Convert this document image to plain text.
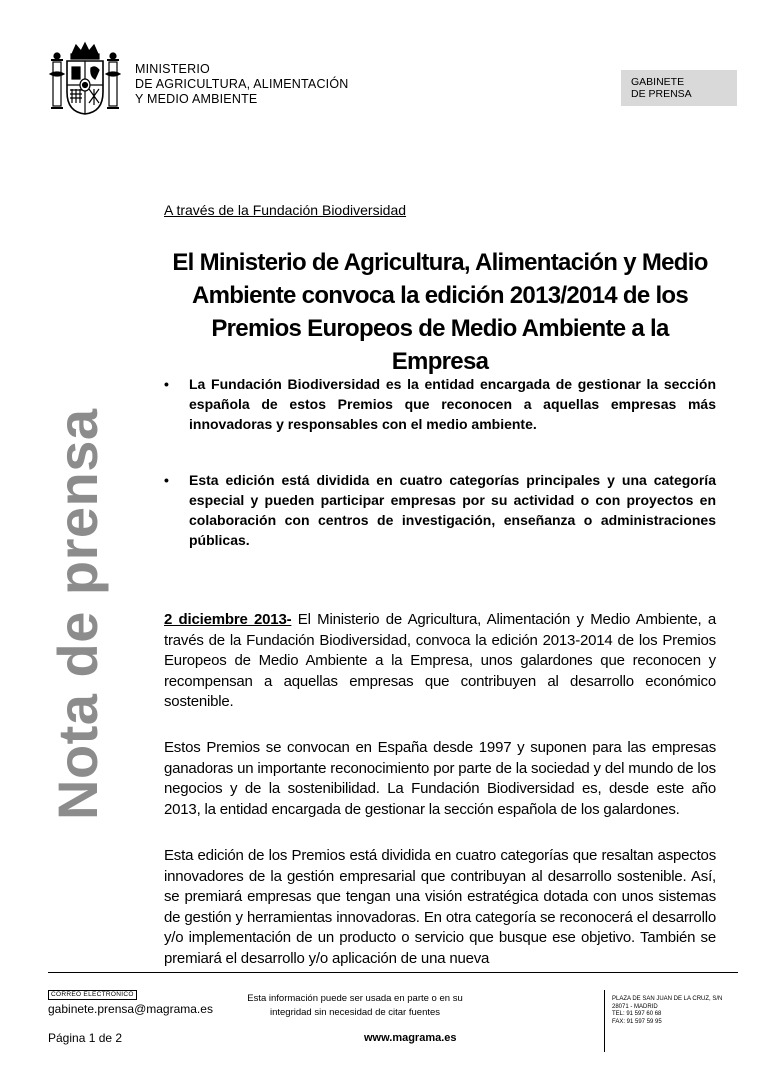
MINISTERIO
DE AGRICULTURA, ALIMENTACIÓN
Y MEDIO AMBIENTE
GABINETE
DE PRENSA
Nota de prensa
A través de la Fundación Biodiversidad
El Ministerio de Agricultura, Alimentación y Medio Ambiente convoca la edición 2013/2014 de los Premios Europeos de Medio Ambiente a la Empresa
• La Fundación Biodiversidad es la entidad encargada de gestionar la sección española de estos Premios que reconocen a aquellas empresas más innovadoras y responsables con el medio ambiente.
• Esta edición está dividida en cuatro categorías principales y una categoría especial y pueden participar empresas por su actividad o con proyectos en colaboración con centros de investigación, enseñanza o administraciones públicas.
2 diciembre 2013- El Ministerio de Agricultura, Alimentación y Medio Ambiente, a través de la Fundación Biodiversidad, convoca la edición 2013-2014 de los Premios Europeos de Medio Ambiente a la Empresa, unos galardones que reconocen y recompensan a aquellas empresas que contribuyen al desarrollo económico sostenible.
Estos Premios se convocan en España desde 1997 y suponen para las empresas ganadoras un importante reconocimiento por parte de la sociedad y del mundo de los negocios y de la sostenibilidad. La Fundación Biodiversidad es, desde este año 2013, la entidad encargada de gestionar la sección española de los galardones.
Esta edición de los Premios está dividida en cuatro categorías que resaltan aspectos innovadores de la gestión empresarial que contribuyan al desarrollo sostenible. Así, se premiará empresas que tengan una visión estratégica dotada con unos sistemas de gestión y herramientas innovadoras. En otra categoría se reconocerá el desarrollo y/o implementación de un producto o servicio que busque ese objetivo. También se premiará el desarrollo y/o aplicación de una nueva
CORREO ELECTRÓNICO
gabinete.prensa@magrama.es
Esta información puede ser usada en parte o en su integridad sin necesidad de citar fuentes
Página 1 de 2	www.magrama.es
PLAZA DE SAN JUAN DE LA CRUZ, S/N
28071 - MADRID
TEL: 91 597 60 68
FAX: 91 597 59 95
